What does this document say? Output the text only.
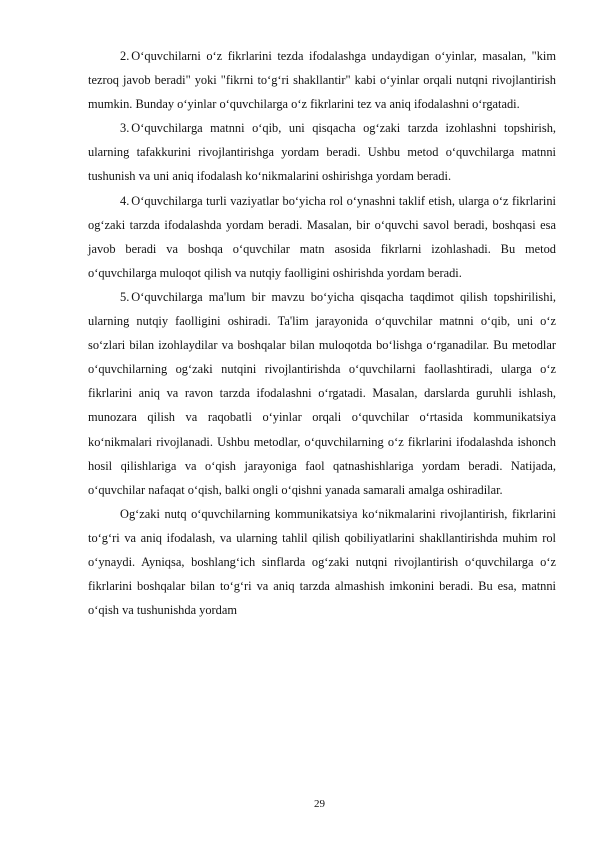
2. O‘quvchilarni o‘z fikrlarini tezda ifodalashga undaydigan o‘yinlar, masalan, "kim tezroq javob beradi" yoki "fikrni to‘g‘ri shakllantir" kabi o‘yinlar orqali nutqni rivojlantirish mumkin. Bunday o‘yinlar o‘quvchilarga o‘z fikrlarini tez va aniq ifodalashni o‘rgatadi.

3. O‘quvchilarga matnni o‘qib, uni qisqacha og‘zaki tarzda izohlashni topshirish, ularning tafakkurini rivojlantirishga yordam beradi. Ushbu metod o‘quvchilarga matnni tushunish va uni aniq ifodalash ko‘nikmalarini oshirishga yordam beradi.

4. O‘quvchilarga turli vaziyatlar bo‘yicha rol o‘ynashni taklif etish, ularga o‘z fikrlarini og‘zaki tarzda ifodalashda yordam beradi. Masalan, bir o‘quvchi savol beradi, boshqasi esa javob beradi va boshqa o‘quvchilar matn asosida fikrlarni izohlashadi. Bu metod o‘quvchilarga muloqot qilish va nutqiy faolligini oshirishda yordam beradi.

5. O‘quvchilarga ma'lum bir mavzu bo‘yicha qisqacha taqdimot qilish topshirilishi, ularning nutqiy faolligini oshiradi. Ta'lim jarayonida o‘quvchilar matnni o‘qib, uni o‘z so‘zlari bilan izohlaydilar va boshqalar bilan muloqotda bo‘lishga o‘rganadilar. Bu metodlar o‘quvchilarning og‘zaki nutqini rivojlantirishda o‘quvchilarni faollashtiradi, ularga o‘z fikrlarini aniq va ravon tarzda ifodalashni o‘rgatadi. Masalan, darslarda guruhli ishlash, munozara qilish va raqobatli o‘yinlar orqali o‘quvchilar o‘rtasida kommunikatsiya ko‘nikmalari rivojlanadi. Ushbu metodlar, o‘quvchilarning o‘z fikrlarini ifodalashda ishonch hosil qilishlariga va o‘qish jarayoniga faol qatnashishlariga yordam beradi. Natijada, o‘quvchilar nafaqat o‘qish, balki ongli o‘qishni yanada samarali amalga oshiradilar.

Og‘zaki nutq o‘quvchilarning kommunikatsiya ko‘nikmalarini rivojlantirish, fikrlarini to‘g‘ri va aniq ifodalash, va ularning tahlil qilish qobiliyatlarini shakllantirishda muhim rol o‘ynaydi. Ayniqsa, boshlang‘ich sinflarda og‘zaki nutqni rivojlantirish o‘quvchilarga o‘z fikrlarini boshqalar bilan to‘g‘ri va aniq tarzda almashish imkonini beradi. Bu esa, matnni o‘qish va tushunishda yordam

29
